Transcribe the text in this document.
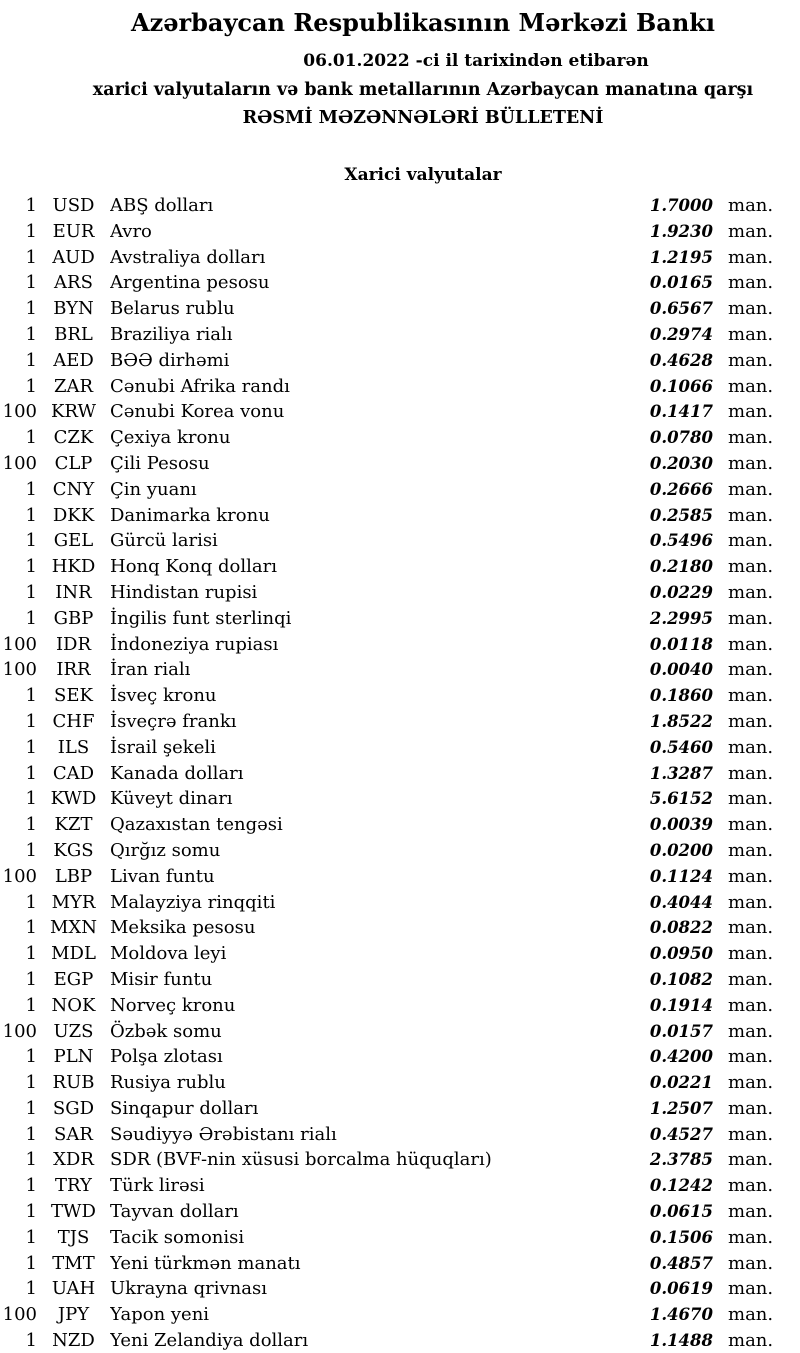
Azərbaycan Respublikasının Mərkəzi Bankı
06.01.2022 -ci il tarixindən etibarən
xarici valyutaların və bank metallarının Azərbaycan manatına qarşı
RƏSMİ MƏZƏNNƏLƏRİ BÜLLETENİ
Xarici valyutalar
1 USD ABŞ dolları	1.7000 man.
1 EUR Avro	1.9230 man.
1 AUD Avstraliya dolları	1.2195 man.
1 ARS Argentina pesosu	0.0165 man.
1 BYN Belarus rublu	0.6567 man.
1 BRL Braziliya rialı	0.2974 man.
1 AED BƏƏ dirhəmi	0.4628 man.
1 ZAR Cənubi Afrika randı	0.1066 man.
100 KRW Cənubi Korea vonu	0.1417 man.
1 CZK Çexiya kronu	0.0780 man.
100 CLP Çili Pesosu	0.2030 man.
1 CNY Çin yuanı	0.2666 man.
1 DKK Danimarka kronu	0.2585 man.
1 GEL Gürcü larisi	0.5496 man.
1 HKD Honq Konq dolları	0.2180 man.
1	INR	Hindistan rupisi	0.0229 man.
1 GBP İngilis funt sterlinqi	2.2995 man.
100	IDR	İndoneziya rupiası	0.0118 man.
100	IRR	İran rialı	0.0040 man.
1 SEK İsveç kronu	0.1860 man.
1 CHF İsveçrə frankı	1.8522 man.
1	ILS	İsrail şekeli	0.5460 man.
1 CAD Kanada dolları	1.3287 man.
1 KWD Küveyt dinarı	5.6152 man.
1 KZT Qazaxıstan tengəsi	0.0039 man.
1 KGS Qırğız somu	0.0200 man.
100 LBP Livan funtu	0.1124 man.
1 MYR Malayziya rinqqiti	0.4044 man.
1 MXN Meksika pesosu	0.0822 man.
1 MDL Moldova leyi	0.0950 man.
1 EGP Misir funtu	0.1082 man.
1 NOK Norveç kronu	0.1914 man.
100 UZS Özbək somu	0.0157 man.
1 PLN Polşa zlotası	0.4200 man.
1 RUB Rusiya rublu	0.0221 man.
1 SGD Sinqapur dolları	1.2507 man.
1 SAR Səudiyyə Ərəbistanı rialı	0.4527 man.
1 XDR SDR (BVF-nin xüsusi borcalma hüquqları)	2.3785 man.
1	TRY	Türk lirəsi	0.1242 man.
1 TWD Tayvan dolları	0.0615 man.
1	TJS	Tacik somonisi	0.1506 man.
1 TMT Yeni türkmən manatı	0.4857 man.
1 UAH Ukrayna qrivnası	0.0619 man.
100	JPY	Yapon yeni	1.4670 man.
1 NZD Yeni Zelandiya dolları	1.1488 man.
